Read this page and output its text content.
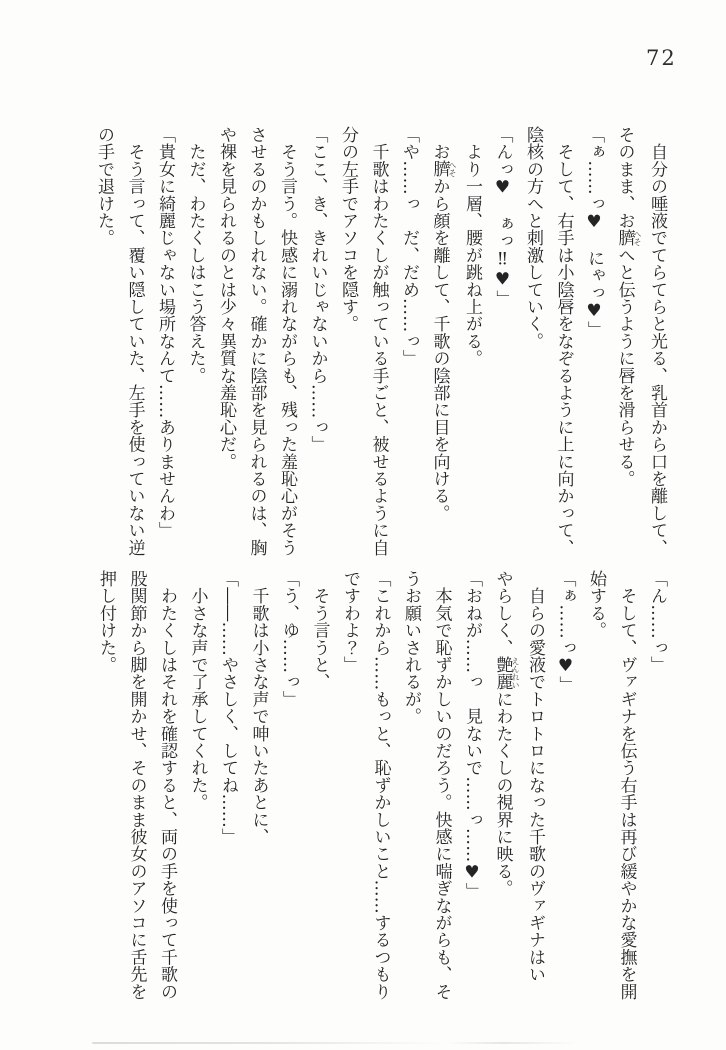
72
　自分の唾液でてらてらと光る、乳首から口を離して、
そのまま、お臍へそへと伝うように唇を滑らせる。
「ぁ……っ♥　にゃっ♥」
　そして、右手は小陰唇をなぞるように上に向かって、
陰核の方へと刺激していく。
「んっ♥　ぁっ‼♥」
　より一層、腰が跳ね上がる。
　お臍へそから顔を離して、千歌の陰部に目を向ける。
「や……っ　だ、だめ……っ」
　千歌はわたくしが触っている手ごと、被せるように自
分の左手でアソコを隠す。
「ここ、き、きれいじゃないから……っ」
　そう言う。快感に溺れながらも、残った羞恥心がそう
させるのかもしれない。確かに陰部を見られるのは、胸
や裸を見られるのとは少々異質な羞恥心だ。
　ただ、わたくしはこう答えた。
「貴女に綺麗じゃない場所なんて……ありませんわ」
　そう言って、覆い隠していた、左手を使っていない逆
の手で退けた。
「ん……っ」
　そして、ヴァギナを伝う右手は再び緩やかな愛撫を開
始する。
「ぁ……っ♥」
　自らの愛液でトロトロになった千歌のヴァギナはい
やらしく、艶麗えんれいにわたくしの視界に映る。
「おねが……っ　見ないで……っ……♥」
　本気で恥ずかしいのだろう。快感に喘ぎながらも、そ
うお願いされるが。
「これから……もっと、恥ずかしいこと……するつもり
ですわよ？」
　そう言うと、
「う、ゆ……っ」
　千歌は小さな声で呻いたあとに、
「――……やさしく、してね……」
　小さな声で了承してくれた。
　わたくしはそれを確認すると、両の手を使って千歌の
股関節から脚を開かせ、そのまま彼女のアソコに舌先を
押し付けた。
